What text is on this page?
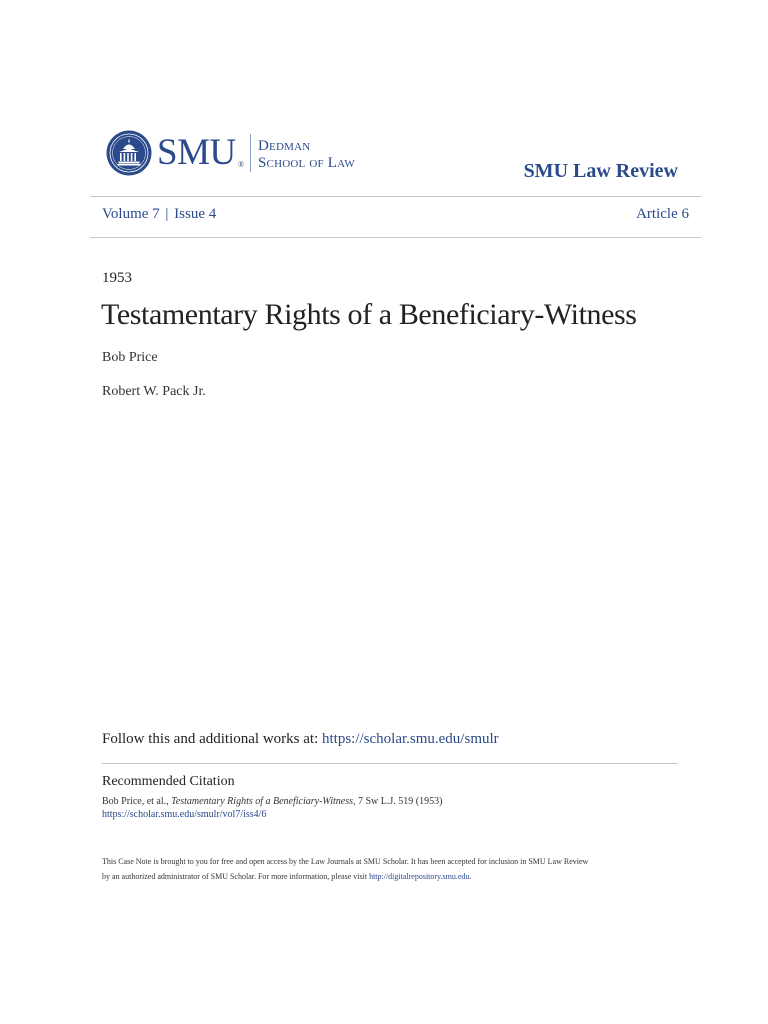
SMU ®
Dedman
School of Law	SMU Law Review
Volume 7 | Issue 4	Article 6
1953
Testamentary Rights of a Beneficiary-Witness
Bob Price
Robert W. Pack Jr.
Follow this and additional works at: https://scholar.smu.edu/smulr
Recommended Citation
Bob Price, et al., Testamentary Rights of a Beneficiary-Witness, 7 Sw L.J. 519 (1953)
https://scholar.smu.edu/smulr/vol7/iss4/6
This Case Note is brought to you for free and open access by the Law Journals at SMU Scholar. It has been accepted for inclusion in SMU Law Review
by an authorized administrator of SMU Scholar. For more information, please visit http://digitalrepository.smu.edu.
